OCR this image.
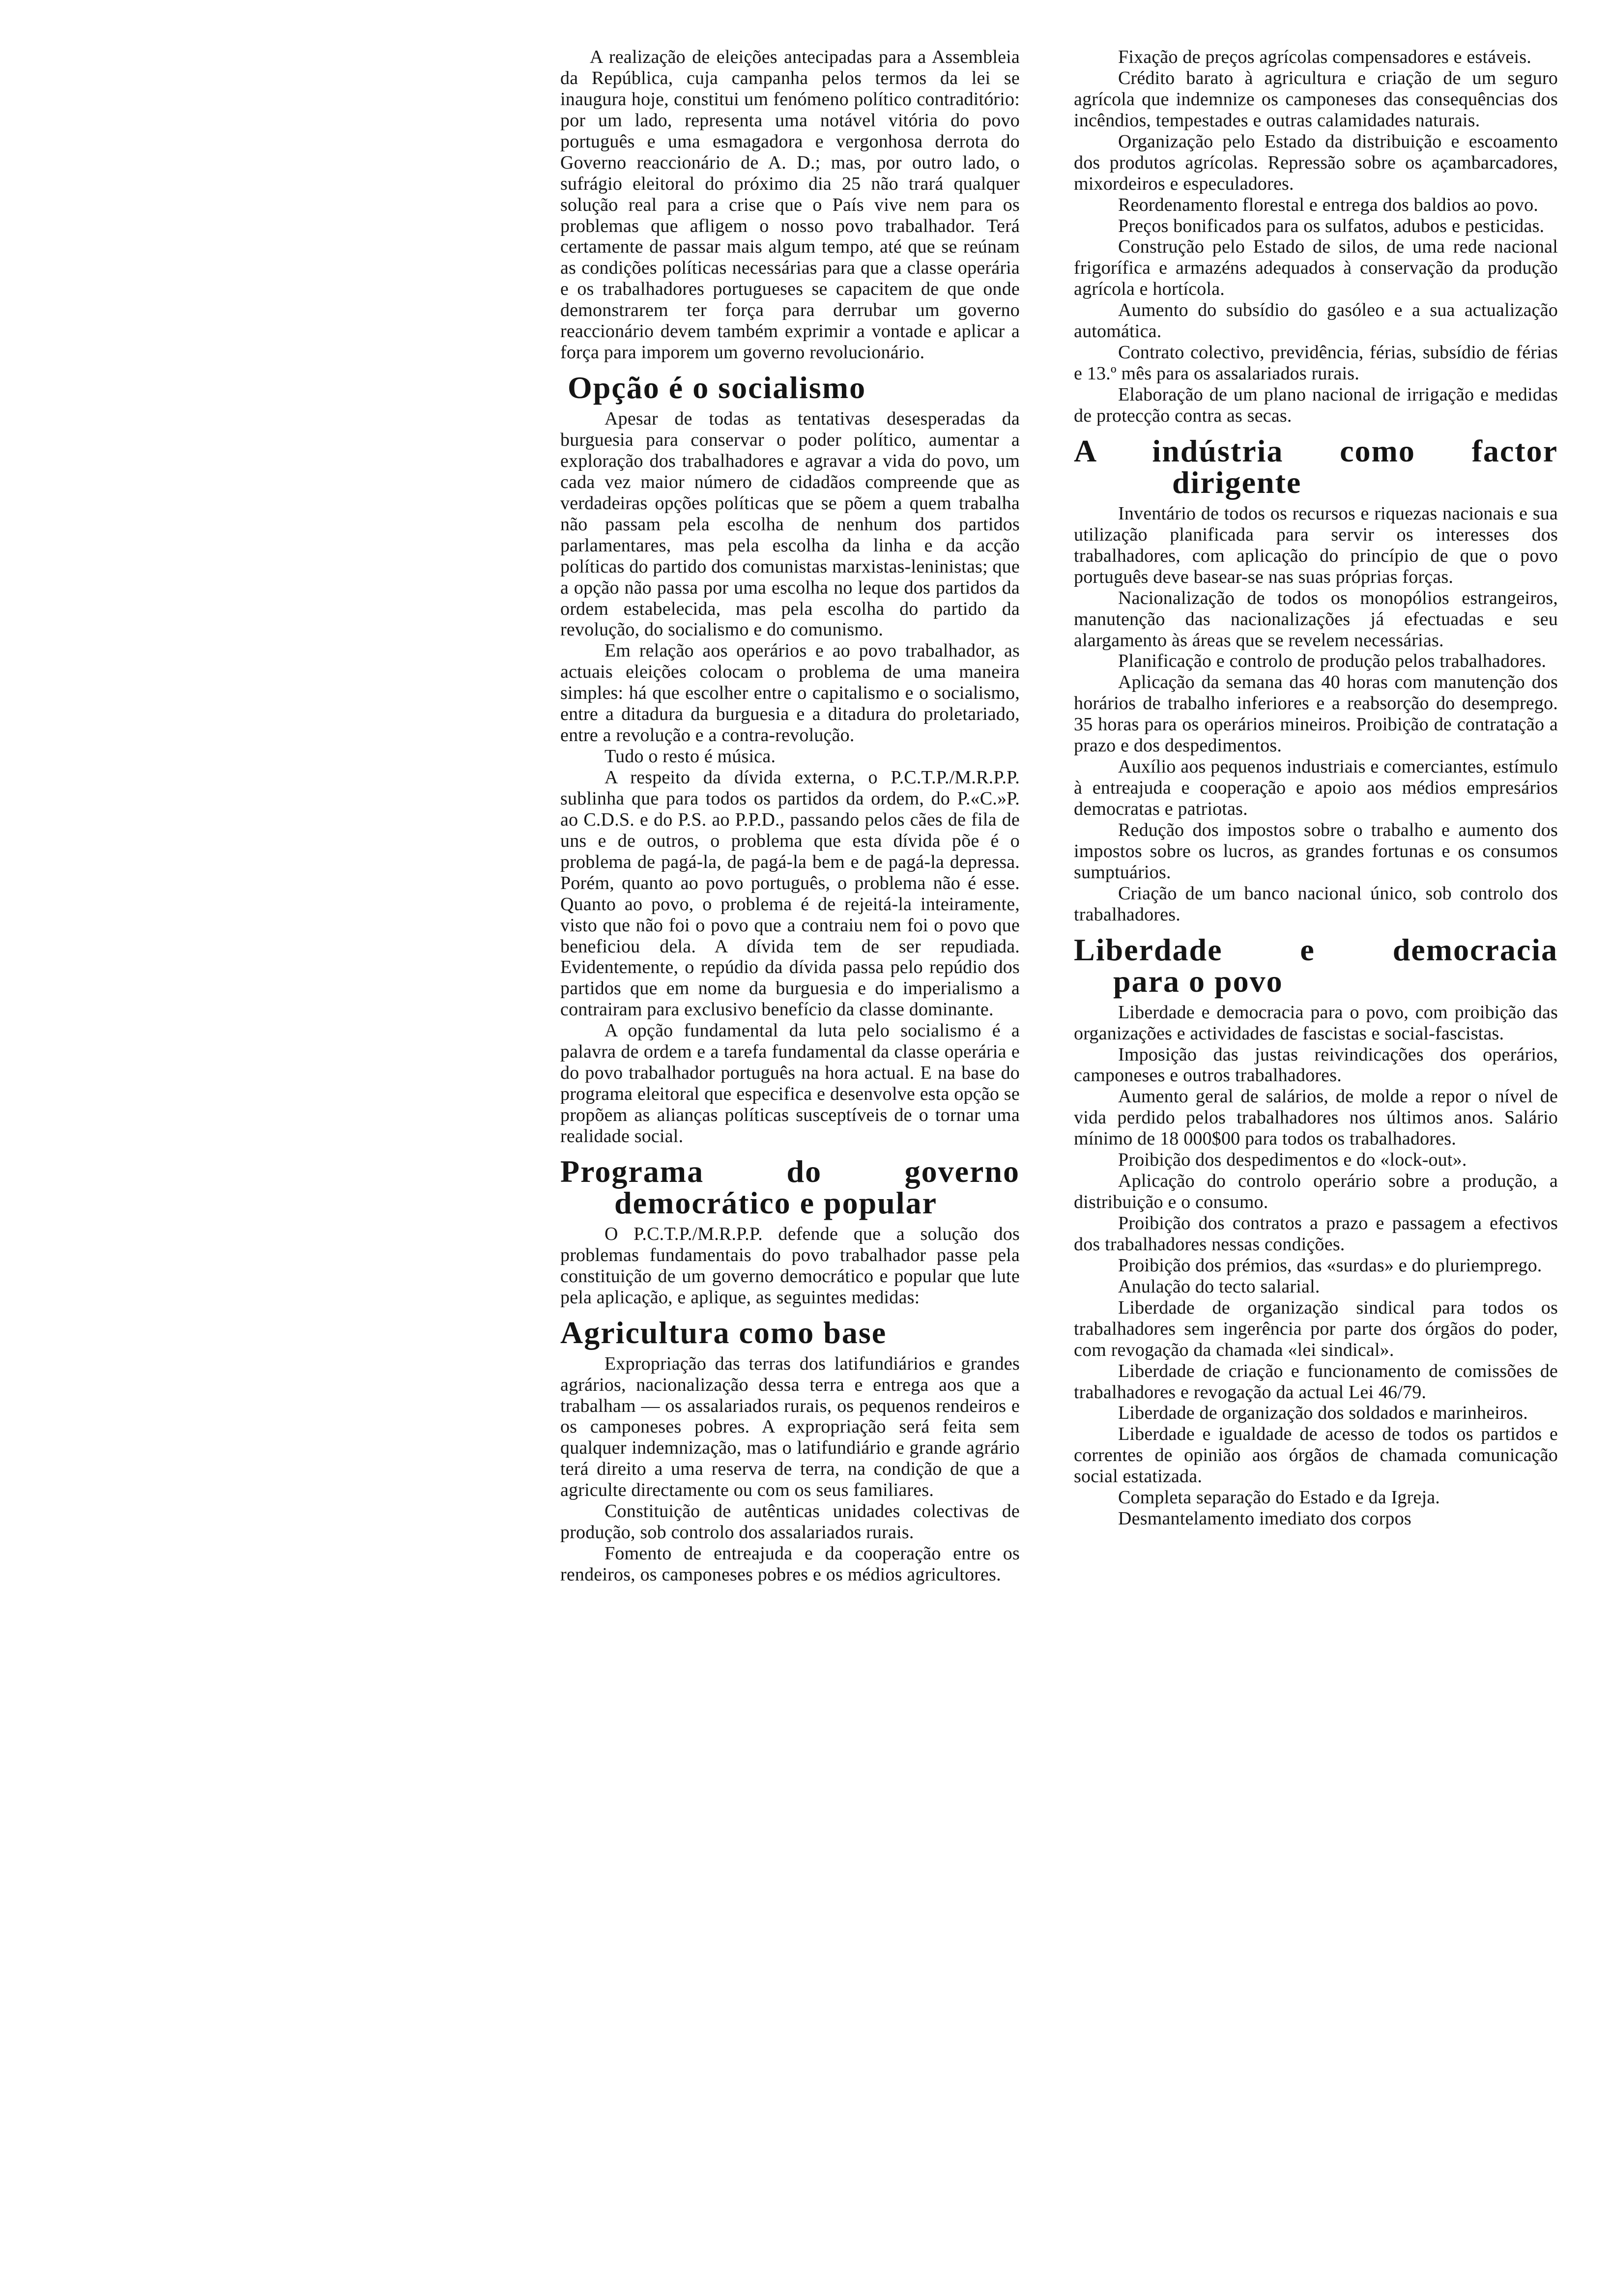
A realização de eleições antecipadas para a Assembleia da República, cuja campanha pelos termos da lei se inaugura hoje, constitui um fenómeno político contraditório: por um lado, representa uma notável vitória do povo português e uma esmagadora e vergonhosa derrota do Governo reaccionário de A. D.; mas, por outro lado, o sufrágio eleitoral do próximo dia 25 não trará qualquer solução real para a crise que o País vive nem para os problemas que afligem o nosso povo trabalhador. Terá certamente de passar mais algum tempo, até que se reúnam as condições políticas necessárias para que a classe operária e os trabalhadores portugueses se capacitem de que onde demonstrarem ter força para derrubar um governo reaccionário devem também exprimir a vontade e aplicar a força para imporem um governo revolucionário.

Opção é o socialismo

Apesar de todas as tentativas desesperadas da burguesia para conservar o poder político, aumentar a exploração dos trabalhadores e agravar a vida do povo, um cada vez maior número de cidadãos compreende que as verdadeiras opções políticas que se põem a quem trabalha não passam pela escolha de nenhum dos partidos parlamentares, mas pela escolha da linha e da acção políticas do partido dos comunistas marxistas-leninistas; que a opção não passa por uma escolha no leque dos partidos da ordem estabelecida, mas pela escolha do partido da revolução, do socialismo e do comunismo.

Em relação aos operários e ao povo trabalhador, as actuais eleições colocam o problema de uma maneira simples: há que escolher entre o capitalismo e o socialismo, entre a ditadura da burguesia e a ditadura do proletariado, entre a revolução e a contra-revolução.

Tudo o resto é música.

A respeito da dívida externa, o P.C.T.P./M.R.P.P. sublinha que para todos os partidos da ordem, do P.«C.»P. ao C.D.S. e do P.S. ao P.P.D., passando pelos cães de fila de uns e de outros, o problema que esta dívida põe é o problema de pagá-la, de pagá-la bem e de pagá-la depressa. Porém, quanto ao povo português, o problema não é esse. Quanto ao povo, o problema é de rejeitá-la inteiramente, visto que não foi o povo que a contraiu nem foi o povo que beneficiou dela. A dívida tem de ser repudiada. Evidentemente, o repúdio da dívida passa pelo repúdio dos partidos que em nome da burguesia e do imperialismo a contrairam para exclusivo benefício da classe dominante.

A opção fundamental da luta pelo socialismo é a palavra de ordem e a tarefa fundamental da classe operária e do povo trabalhador português na hora actual. E na base do programa eleitoral que especifica e desenvolve esta opção se propõem as alianças políticas susceptíveis de o tornar uma realidade social.

Programa do governo
democrático e popular

O P.C.T.P./M.R.P.P. defende que a solução dos problemas fundamentais do povo trabalhador passe pela constituição de um governo democrático e popular que lute pela aplicação, e aplique, as seguintes medidas:

Agricultura como base

Expropriação das terras dos latifundiários e grandes agrários, nacionalização dessa terra e entrega aos que a trabalham — os assalariados rurais, os pequenos rendeiros e os camponeses pobres. A expropriação será feita sem qualquer indemnização, mas o latifundiário e grande agrário terá direito a uma reserva de terra, na condição de que a agriculte directamente ou com os seus familiares.

Constituição de autênticas unidades colectivas de produção, sob controlo dos assalariados rurais.

Fomento de entreajuda e da cooperação entre os rendeiros, os camponeses pobres e os médios agricultores.

Fixação de preços agrícolas compensadores e estáveis.

Crédito barato à agricultura e criação de um seguro agrícola que indemnize os camponeses das consequências dos incêndios, tempestades e outras calamidades naturais.

Organização pelo Estado da distribuição e escoamento dos produtos agrícolas. Repressão sobre os açambarcadores, mixordeiros e especuladores.

Reordenamento florestal e entrega dos baldios ao povo.

Preços bonificados para os sulfatos, adubos e pesticidas.

Construção pelo Estado de silos, de uma rede nacional frigorífica e armazéns adequados à conservação da produção agrícola e hortícola.

Aumento do subsídio do gasóleo e a sua actualização automática.

Contrato colectivo, previdência, férias, subsídio de férias e 13.º mês para os assalariados rurais.

Elaboração de um plano nacional de irrigação e medidas de protecção contra as secas.

A indústria como factor
dirigente

Inventário de todos os recursos e riquezas nacionais e sua utilização planificada para servir os interesses dos trabalhadores, com aplicação do princípio de que o povo português deve basear-se nas suas próprias forças.

Nacionalização de todos os monopólios estrangeiros, manutenção das nacionalizações já efectuadas e seu alargamento às áreas que se revelem necessárias.

Planificação e controlo de produção pelos trabalhadores.

Aplicação da semana das 40 horas com manutenção dos horários de trabalho inferiores e a reabsorção do desemprego. 35 horas para os operários mineiros. Proibição de contratação a prazo e dos despedimentos.

Auxílio aos pequenos industriais e comerciantes, estímulo à entreajuda e cooperação e apoio aos médios empresários democratas e patriotas.

Redução dos impostos sobre o trabalho e aumento dos impostos sobre os lucros, as grandes fortunas e os consumos sumptuários.

Criação de um banco nacional único, sob controlo dos trabalhadores.

Liberdade e democracia
para o povo

Liberdade e democracia para o povo, com proibição das organizações e actividades de fascistas e social-fascistas.

Imposição das justas reivindicações dos operários, camponeses e outros trabalhadores.

Aumento geral de salários, de molde a repor o nível de vida perdido pelos trabalhadores nos últimos anos. Salário mínimo de 18 000$00 para todos os trabalhadores.

Proibição dos despedimentos e do «lock-out».

Aplicação do controlo operário sobre a produção, a distribuição e o consumo.

Proibição dos contratos a prazo e passagem a efectivos dos trabalhadores nessas condições.

Proibição dos prémios, das «surdas» e do pluriemprego.

Anulação do tecto salarial.

Liberdade de organização sindical para todos os trabalhadores sem ingerência por parte dos órgãos do poder, com revogação da chamada «lei sindical».

Liberdade de criação e funcionamento de comissões de trabalhadores e revogação da actual Lei 46/79.

Liberdade de organização dos soldados e marinheiros.

Liberdade e igualdade de acesso de todos os partidos e correntes de opinião aos órgãos de chamada comunicação social estatizada.

Completa separação do Estado e da Igreja.

Desmantelamento imediato dos corpos
